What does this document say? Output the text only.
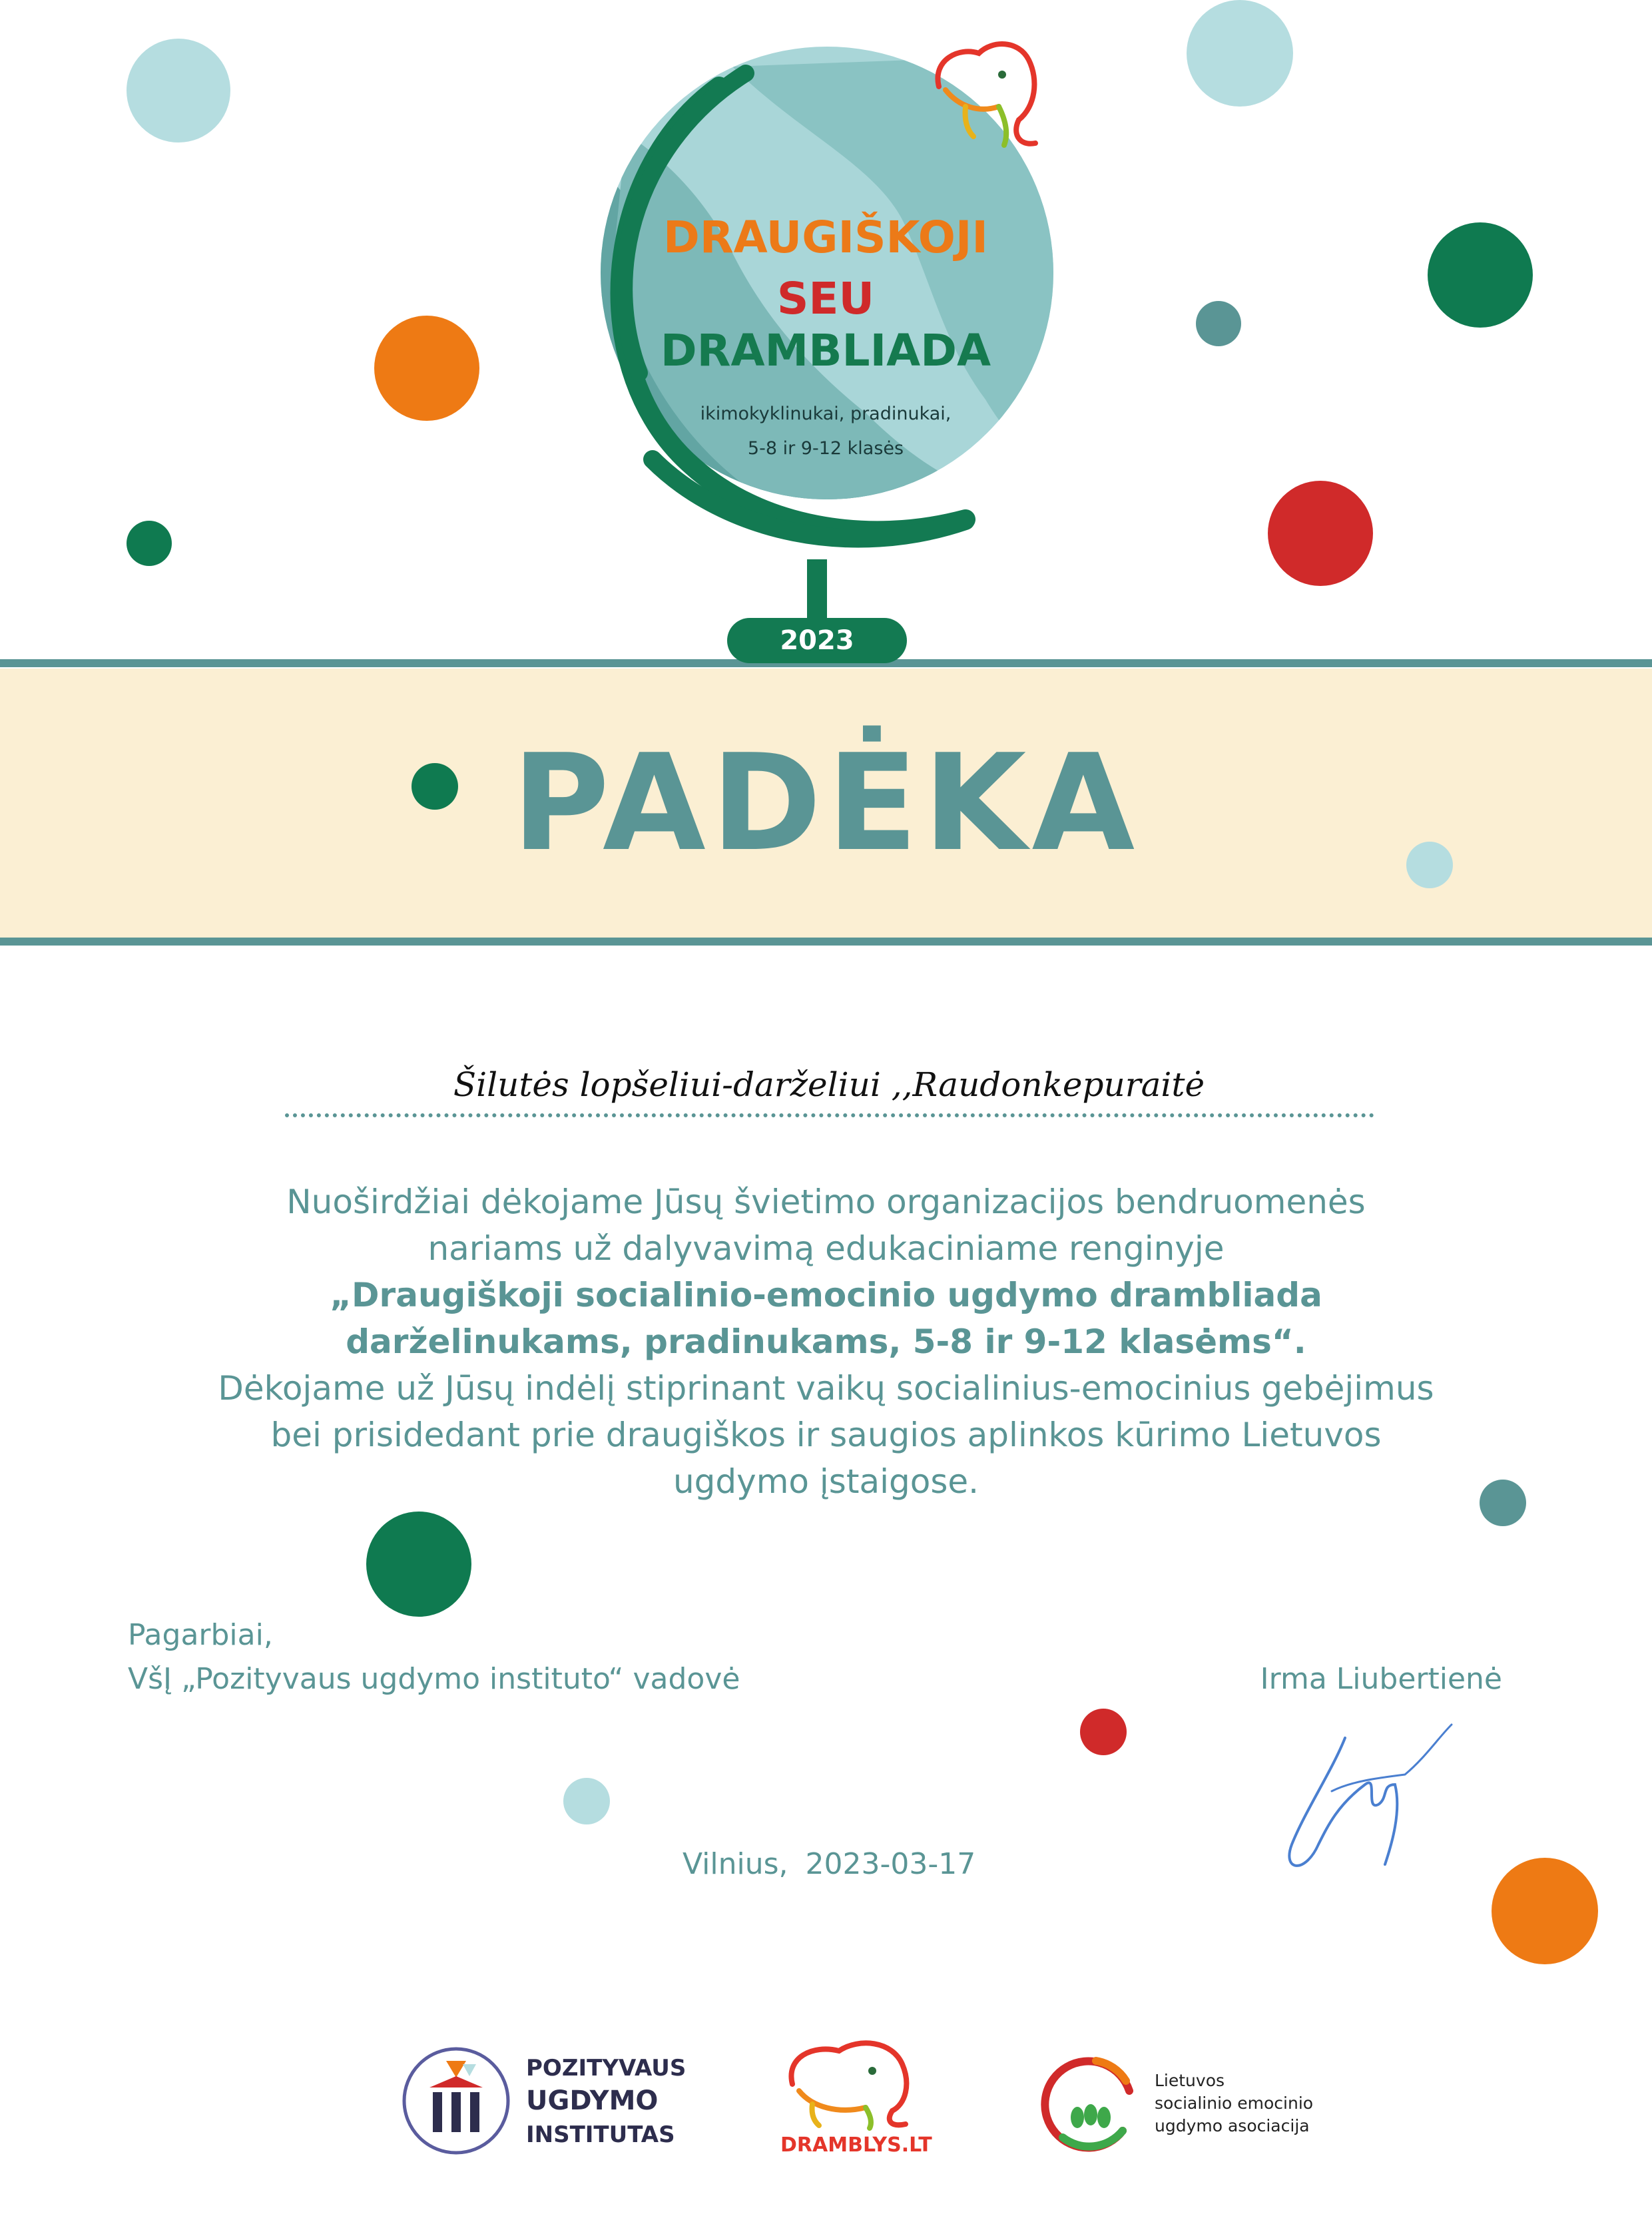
DRAUGIŠKOJI
SEU
DRAMBLIADA
ikimokyklinukai, pradinukai,
5-8 ir 9-12 klasės
2023
PADĖKA
Šilutės lopšeliui-darželiui ,,Raudonkepuraitė
Nuoširdžiai dėkojame Jūsų švietimo organizacijos bendruomenės
nariams už dalyvavimą edukaciniame renginyje
„Draugiškoji socialinio-emocinio ugdymo drambliada
darželinukams, pradinukams, 5-8 ir 9-12 klasėms“.
Dėkojame už Jūsų indėlį stiprinant vaikų socialinius-emocinius gebėjimus
bei prisidedant prie draugiškos ir saugios aplinkos kūrimo Lietuvos
ugdymo įstaigose.
Pagarbiai,
VšĮ „Pozityvaus ugdymo instituto“ vadovė	Irma Liubertienė
Vilnius, 2023-03-17
POZITYVAUS
UGDYMO
INSTITUTAS	DRAMBLYS.LT
Lietuvos
socialinio emocinio
ugdymo asociacija
